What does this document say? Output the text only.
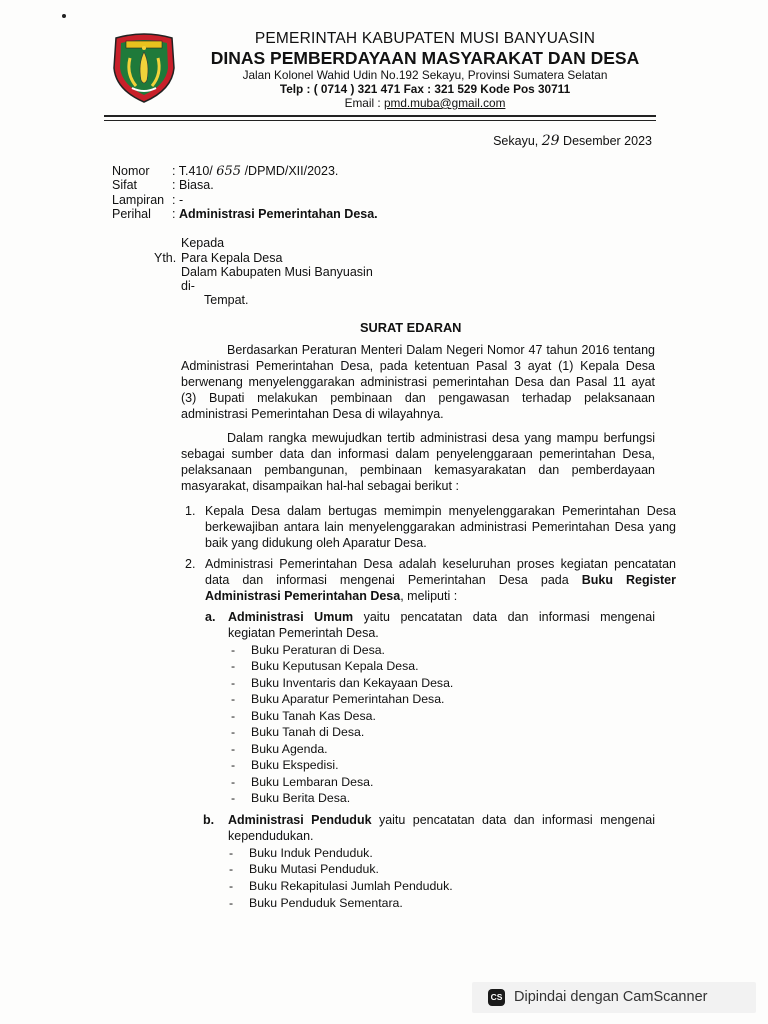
PEMERINTAH KABUPATEN MUSI BANYUASIN
DINAS PEMBERDAYAAN MASYARAKAT DAN DESA
Jalan Kolonel Wahid Udin No.192 Sekayu, Provinsi Sumatera Selatan
Telp : ( 0714 ) 321 471 Fax : 321 529 Kode Pos 30711
Email : pmd.muba@gmail.com
Sekayu, 29 Desember 2023
Nomor	: T.410/ 655 /DPMD/XII/2023.
Sifat	: Biasa.
Lampiran : -
Perihal	: Administrasi Pemerintahan Desa.
Kepada
Yth. Para Kepala Desa
Dalam Kabupaten Musi Banyuasin
di-
Tempat.
SURAT EDARAN
Berdasarkan Peraturan Menteri Dalam Negeri Nomor 47 tahun 2016 tentang Administrasi Pemerintahan Desa, pada ketentuan Pasal 3 ayat (1) Kepala Desa berwenang menyelenggarakan administrasi pemerintahan Desa dan Pasal 11 ayat (3) Bupati melakukan pembinaan dan pengawasan terhadap pelaksanaan administrasi Pemerintahan Desa di wilayahnya.
Dalam rangka mewujudkan tertib administrasi desa yang mampu berfungsi sebagai sumber data dan informasi dalam penyelenggaraan pemerintahan Desa, pelaksanaan pembangunan, pembinaan kemasyarakatan dan pemberdayaan masyarakat, disampaikan hal-hal sebagai berikut :
1. Kepala Desa dalam bertugas memimpin menyelenggarakan Pemerintahan Desa berkewajiban antara lain menyelenggarakan administrasi Pemerintahan Desa yang baik yang didukung oleh Aparatur Desa.
2. Administrasi Pemerintahan Desa adalah keseluruhan proses kegiatan pencatatan data dan informasi mengenai Pemerintahan Desa pada Buku Register Administrasi Pemerintahan Desa, meliputi :
a. Administrasi Umum yaitu pencatatan data dan informasi mengenai kegiatan Pemerintah Desa.
- Buku Peraturan di Desa.
- Buku Keputusan Kepala Desa.
- Buku Inventaris dan Kekayaan Desa.
- Buku Aparatur Pemerintahan Desa.
- Buku Tanah Kas Desa.
- Buku Tanah di Desa.
- Buku Agenda.
- Buku Ekspedisi.
- Buku Lembaran Desa.
- Buku Berita Desa.
b. Administrasi Penduduk yaitu pencatatan data dan informasi mengenai kependudukan.
- Buku Induk Penduduk.
- Buku Mutasi Penduduk.
- Buku Rekapitulasi Jumlah Penduduk.
- Buku Penduduk Sementara.
CS Dipindai dengan CamScanner
